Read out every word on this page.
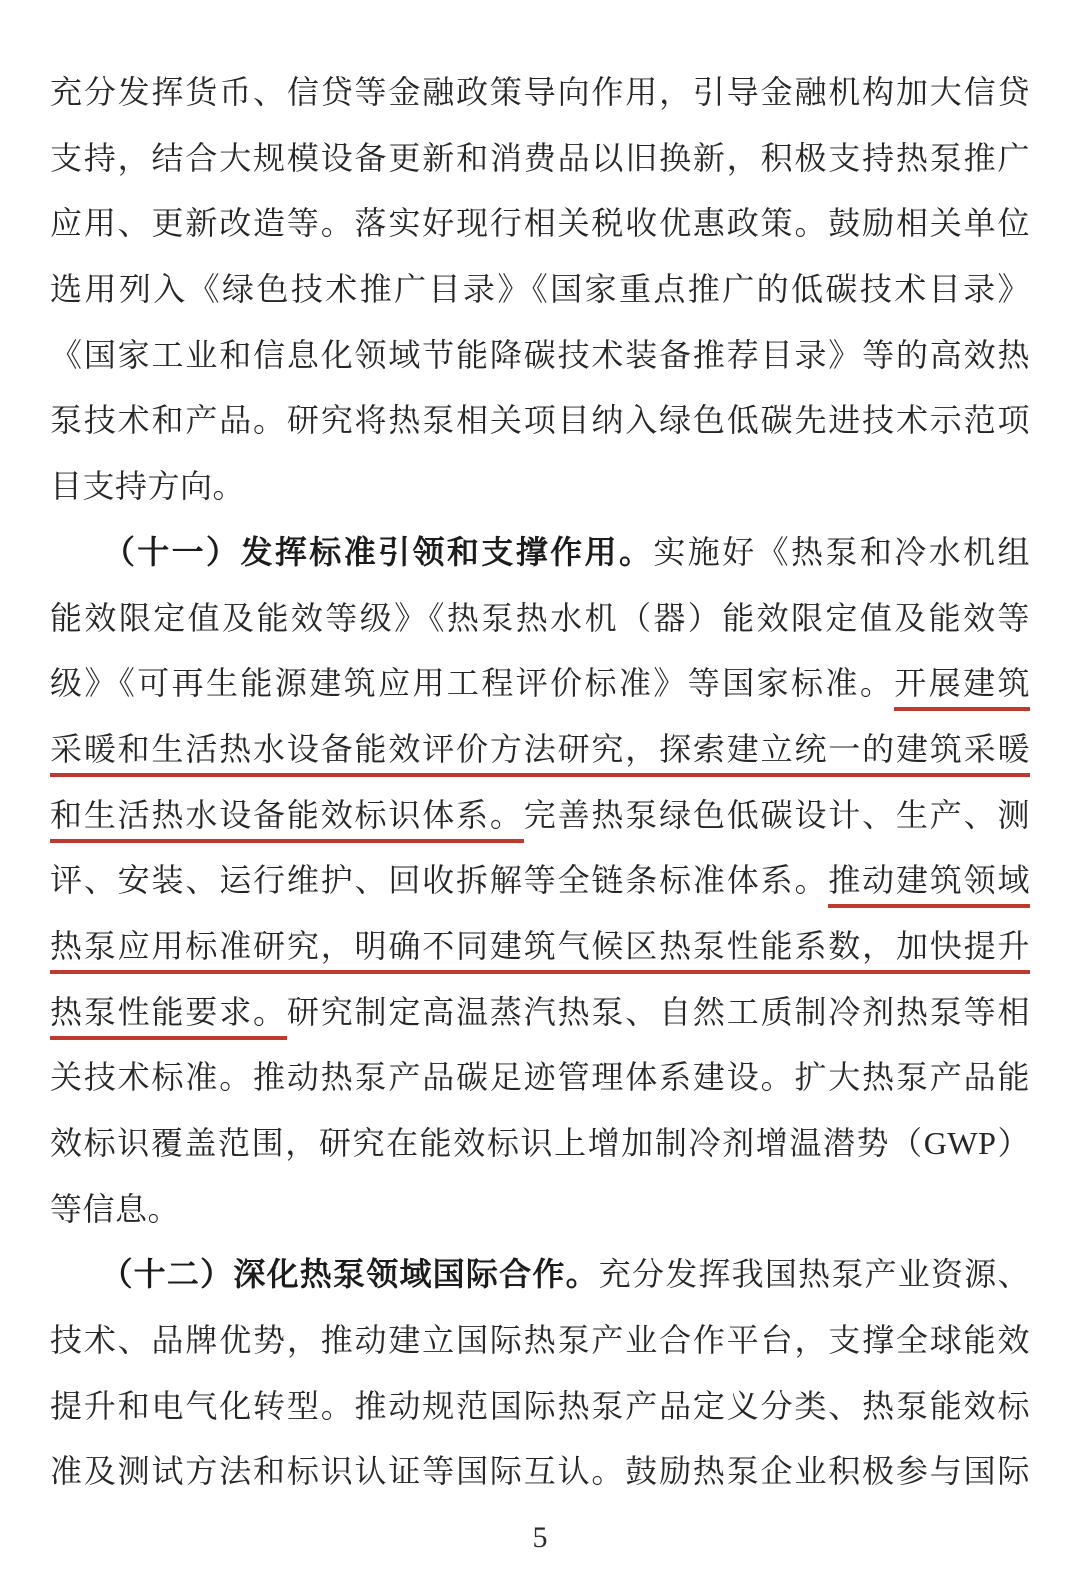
充分发挥货币、信贷等金融政策导向作用，引导金融机构加大信贷
支持，结合大规模设备更新和消费品以旧换新，积极支持热泵推广
应用、更新改造等。落实好现行相关税收优惠政策。鼓励相关单位
选用列入《绿色技术推广目录》《国家重点推广的低碳技术目录》
《国家工业和信息化领域节能降碳技术装备推荐目录》等的高效热
泵技术和产品。研究将热泵相关项目纳入绿色低碳先进技术示范项
目支持方向。
　　（十一）发挥标准引领和支撑作用。实施好《热泵和冷水机组
能效限定值及能效等级》《热泵热水机（器）能效限定值及能效等
级》《可再生能源建筑应用工程评价标准》等国家标准。开展建筑
采暖和生活热水设备能效评价方法研究，探索建立统一的建筑采暖
和生活热水设备能效标识体系。完善热泵绿色低碳设计、生产、测
评、安装、运行维护、回收拆解等全链条标准体系。推动建筑领域
热泵应用标准研究，明确不同建筑气候区热泵性能系数，加快提升
热泵性能要求。研究制定高温蒸汽热泵、自然工质制冷剂热泵等相
关技术标准。推动热泵产品碳足迹管理体系建设。扩大热泵产品能
效标识覆盖范围，研究在能效标识上增加制冷剂增温潜势（GWP）
等信息。
　　（十二）深化热泵领域国际合作。充分发挥我国热泵产业资源、
技术、品牌优势，推动建立国际热泵产业合作平台，支撑全球能效
提升和电气化转型。推动规范国际热泵产品定义分类、热泵能效标
准及测试方法和标识认证等国际互认。鼓励热泵企业积极参与国际
5
